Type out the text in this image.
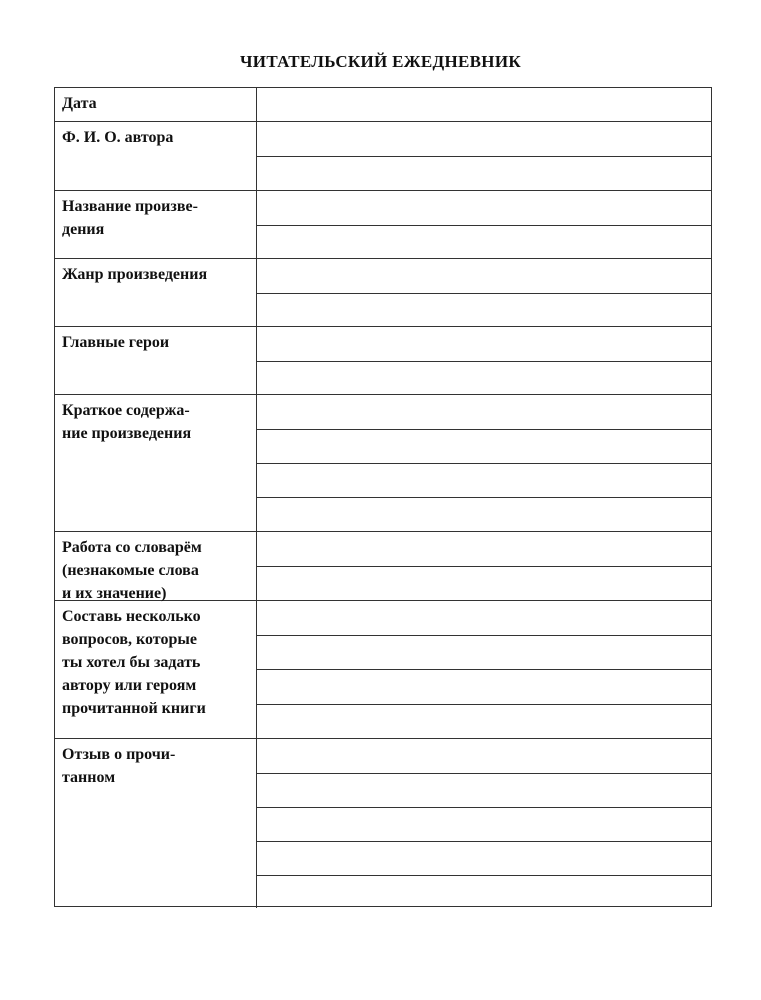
ЧИТАТЕЛЬСКИЙ ЕЖЕДНЕВНИК
Дата
Ф. И. О. автора
Название произве-
дения
Жанр произведения
Главные герои
Краткое содержа-
ние произведения
Работа со словарём
(незнакомые слова
и их значение)
Составь несколько
вопросов, которые
ты хотел бы задать
автору или героям
прочитанной книги
Отзыв о прочи-
танном
